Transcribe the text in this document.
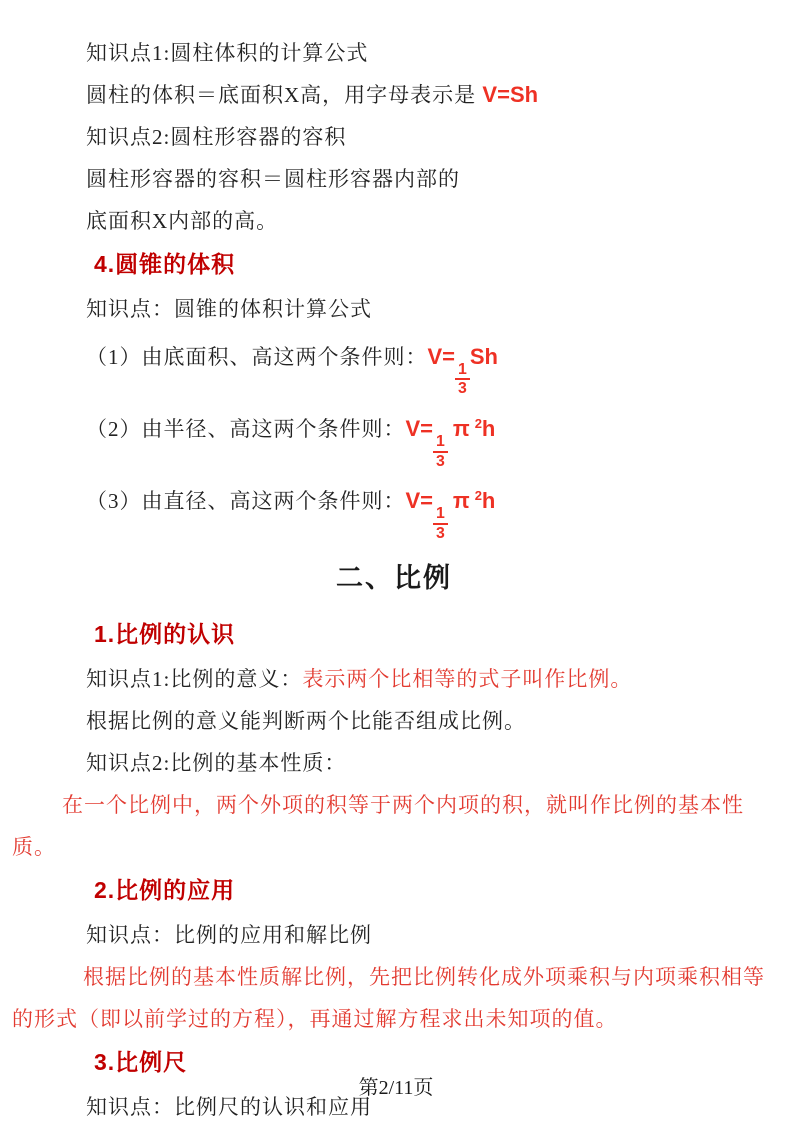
知识点1:圆柱体积的计算公式

圆柱的体积＝底面积X高，用字母表示是 V=Sh

知识点2:圆柱形容器的容积

圆柱形容器的容积＝圆柱形容器内部的

底面积X内部的高。

4.圆锥的体积

知识点：圆锥的体积计算公式

（1）由底面积、高这两个条件则：V=
$\frac{1}{3}$
Sh

（2）由半径、高这两个条件则：V=
$\frac{1}{3}$
π $^2$h

（3）由直径、高这两个条件则：V=
$\frac{1}{3}$
π $^2$h

二、比例
1.比例的认识

知识点1:比例的意义：表示两个比相等的式子叫作比例。

根据比例的意义能判断两个比能否组成比例。

知识点2:比例的基本性质：

在一个比例中，两个外项的积等于两个内项的积，就叫作比例的基本性

质。

2.比例的应用

知识点：比例的应用和解比例

根据比例的基本性质解比例，先把比例转化成外项乘积与内项乘积相等

的形式（即以前学过的方程），再通过解方程求出未知项的值。

3.比例尺

知识点：比例尺的认识和应用

第2/11页
